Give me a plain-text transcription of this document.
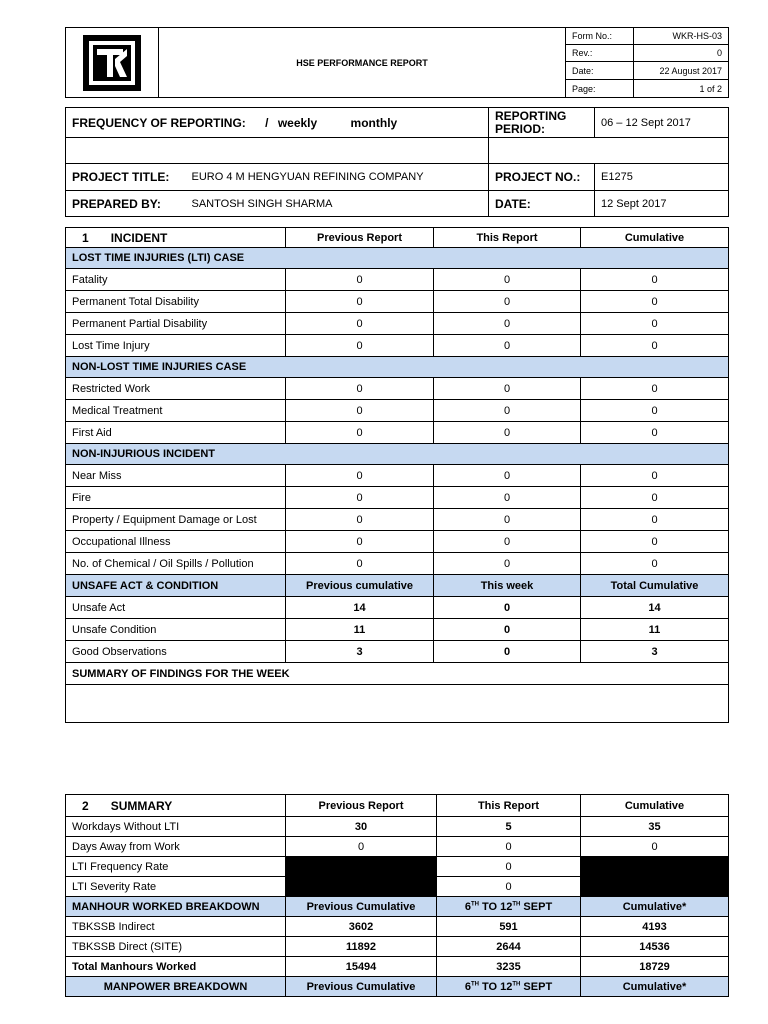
	HSE PERFORMANCE REPORT	Form No.:	WKR-HS-03
		Rev.:	0
		Date:	22 August 2017
		Page:	1 of 2
FREQUENCY OF REPORTING: / weekly monthly		REPORTING PERIOD:	06 – 12 Sept 2017

PROJECT TITLE:	EURO 4 M HENGYUAN REFINING COMPANY	PROJECT NO.:	E1275
PREPARED BY:	SANTOSH SINGH SHARMA	DATE:	12 Sept 2017
1 INCIDENT	Previous Report	This Report	Cumulative
LOST TIME INJURIES (LTI) CASE			
Fatality	0	0	0
Permanent Total Disability	0	0	0
Permanent Partial Disability	0	0	0
Lost Time Injury	0	0	0
NON-LOST TIME INJURIES CASE			
Restricted Work	0	0	0
Medical Treatment	0	0	0
First Aid	0	0	0
NON-INJURIOUS INCIDENT			
Near Miss	0	0	0
Fire	0	0	0
Property / Equipment Damage or Lost	0	0	0
Occupational Illness	0	0	0
No. of Chemical / Oil Spills / Pollution	0	0	0
UNSAFE ACT & CONDITION	Previous cumulative	This week	Total Cumulative
Unsafe Act	14	0	14
Unsafe Condition	11	0	11
Good Observations	3	0	3
SUMMARY OF FINDINGS FOR THE WEEK			

2 SUMMARY	Previous Report	This Report	Cumulative
Workdays Without LTI	30	5	35
Days Away from Work	0	0	0
LTI Frequency Rate		0	
LTI Severity Rate		0	
MANHOUR WORKED BREAKDOWN	Previous Cumulative	6TH TO 12TH SEPT	Cumulative*
TBKSSB Indirect	3602	591	4193
TBKSSB Direct (SITE)	11892	2644	14536
Total Manhours Worked	15494	3235	18729
MANPOWER BREAKDOWN	Previous Cumulative	6TH TO 12TH SEPT	Cumulative*
